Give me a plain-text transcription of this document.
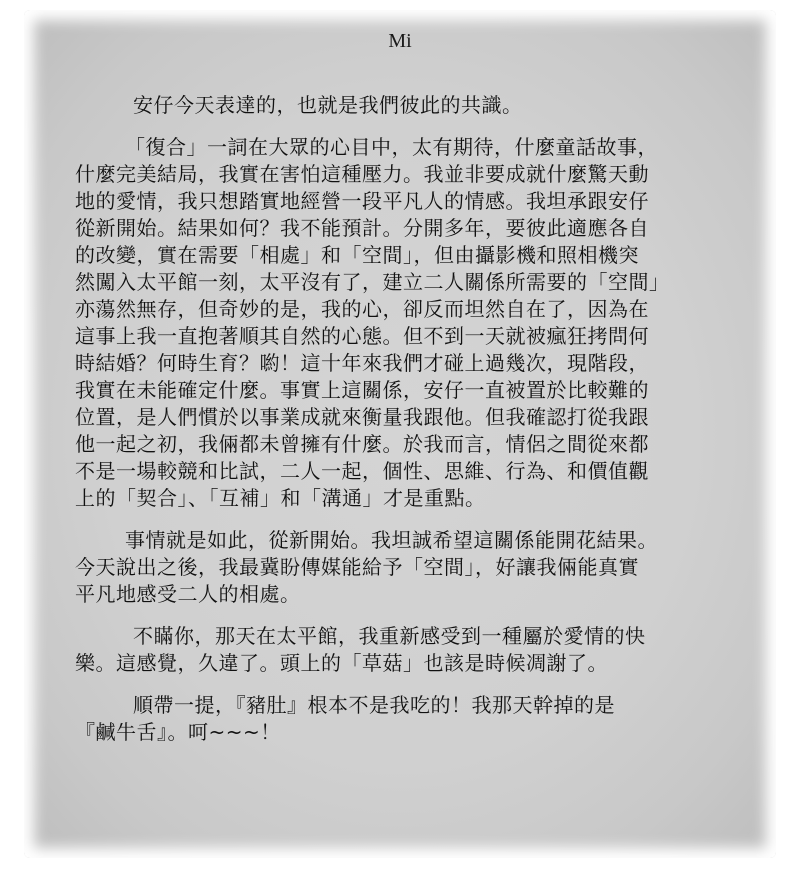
Mi
安仔今天表達的，也就是我們彼此的共識。
「復合」一詞在大眾的心目中，太有期待，什麼童話故事，
什麼完美結局，我實在害怕這種壓力。我並非要成就什麼驚天動
地的愛情，我只想踏實地經營一段平凡人的情感。我坦承跟安仔
從新開始。結果如何？我不能預計。分開多年，要彼此適應各自
的改變，實在需要「相處」和「空間」，但由攝影機和照相機突
然闖入太平館一刻，太平沒有了，建立二人關係所需要的「空間」
亦蕩然無存，但奇妙的是，我的心，卻反而坦然自在了，因為在
這事上我一直抱著順其自然的心態。但不到一天就被瘋狂拷問何
時結婚？何時生育？喲！這十年來我們才碰上過幾次，現階段，
我實在未能確定什麼。事實上這關係，安仔一直被置於比較難的
位置，是人們慣於以事業成就來衡量我跟他。但我確認打從我跟
他一起之初，我倆都未曾擁有什麼。於我而言，情侶之間從來都
不是一場較競和比試，二人一起，個性、思維、行為、和價值觀
上的「契合」、「互補」和「溝通」才是重點。
事情就是如此，從新開始。我坦誠希望這關係能開花結果。
今天說出之後，我最冀盼傳媒能給予「空間」，好讓我倆能真實
平凡地感受二人的相處。
不瞞你，那天在太平館，我重新感受到一種屬於愛情的快
樂。這感覺，久違了。頭上的「草菇」也該是時候凋謝了。
順帶一提，『豬肚』根本不是我吃的！我那天幹掉的是
『鹹牛舌』。呵~~~！
